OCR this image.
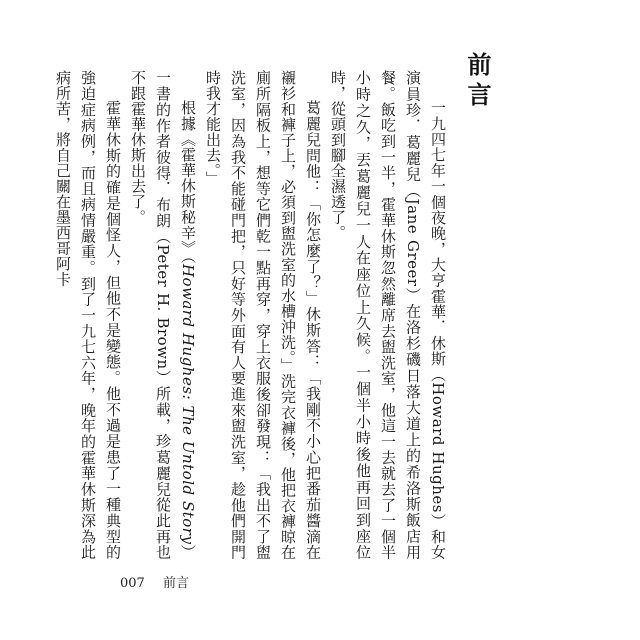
前言

一九四七年一個夜晚，大亨霍華．休斯（Howard Hughes）和女演員珍．葛麗兒（Jane Greer）在洛杉磯日落大道上的希洛斯飯店用餐。飯吃到一半，霍華休斯忽然離席去盥洗室，他這一去就去了一個半小時之久，丟葛麗兒一人在座位上久候。一個半小時後他再回到座位時，從頭到腳全濕透了。

葛麗兒問他：「你怎麼了？」休斯答：「我剛不小心把番茄醬滴在襯衫和褲子上，必須到盥洗室的水槽沖洗。」洗完衣褲後，他把衣褲晾在廁所隔板上，想等它們乾一點再穿，穿上衣服後卻發現：「我出不了盥洗室，因為我不能碰門把，只好等外面有人要進來盥洗室，趁他們開門時我才能出去。」

根據《霍華休斯秘辛》（Howard Hughes: The Untold Story）一書的作者彼得．布朗（Peter H. Brown）所載，珍葛麗兒從此再也不跟霍華休斯出去了。

霍華休斯的確是個怪人，但他不是變態。他不過是患了一種典型的強迫症病例，而且病情嚴重。到了一九七六年，晚年的霍華休斯深為此病所苦，將自己關在墨西哥阿卡

007 前言
